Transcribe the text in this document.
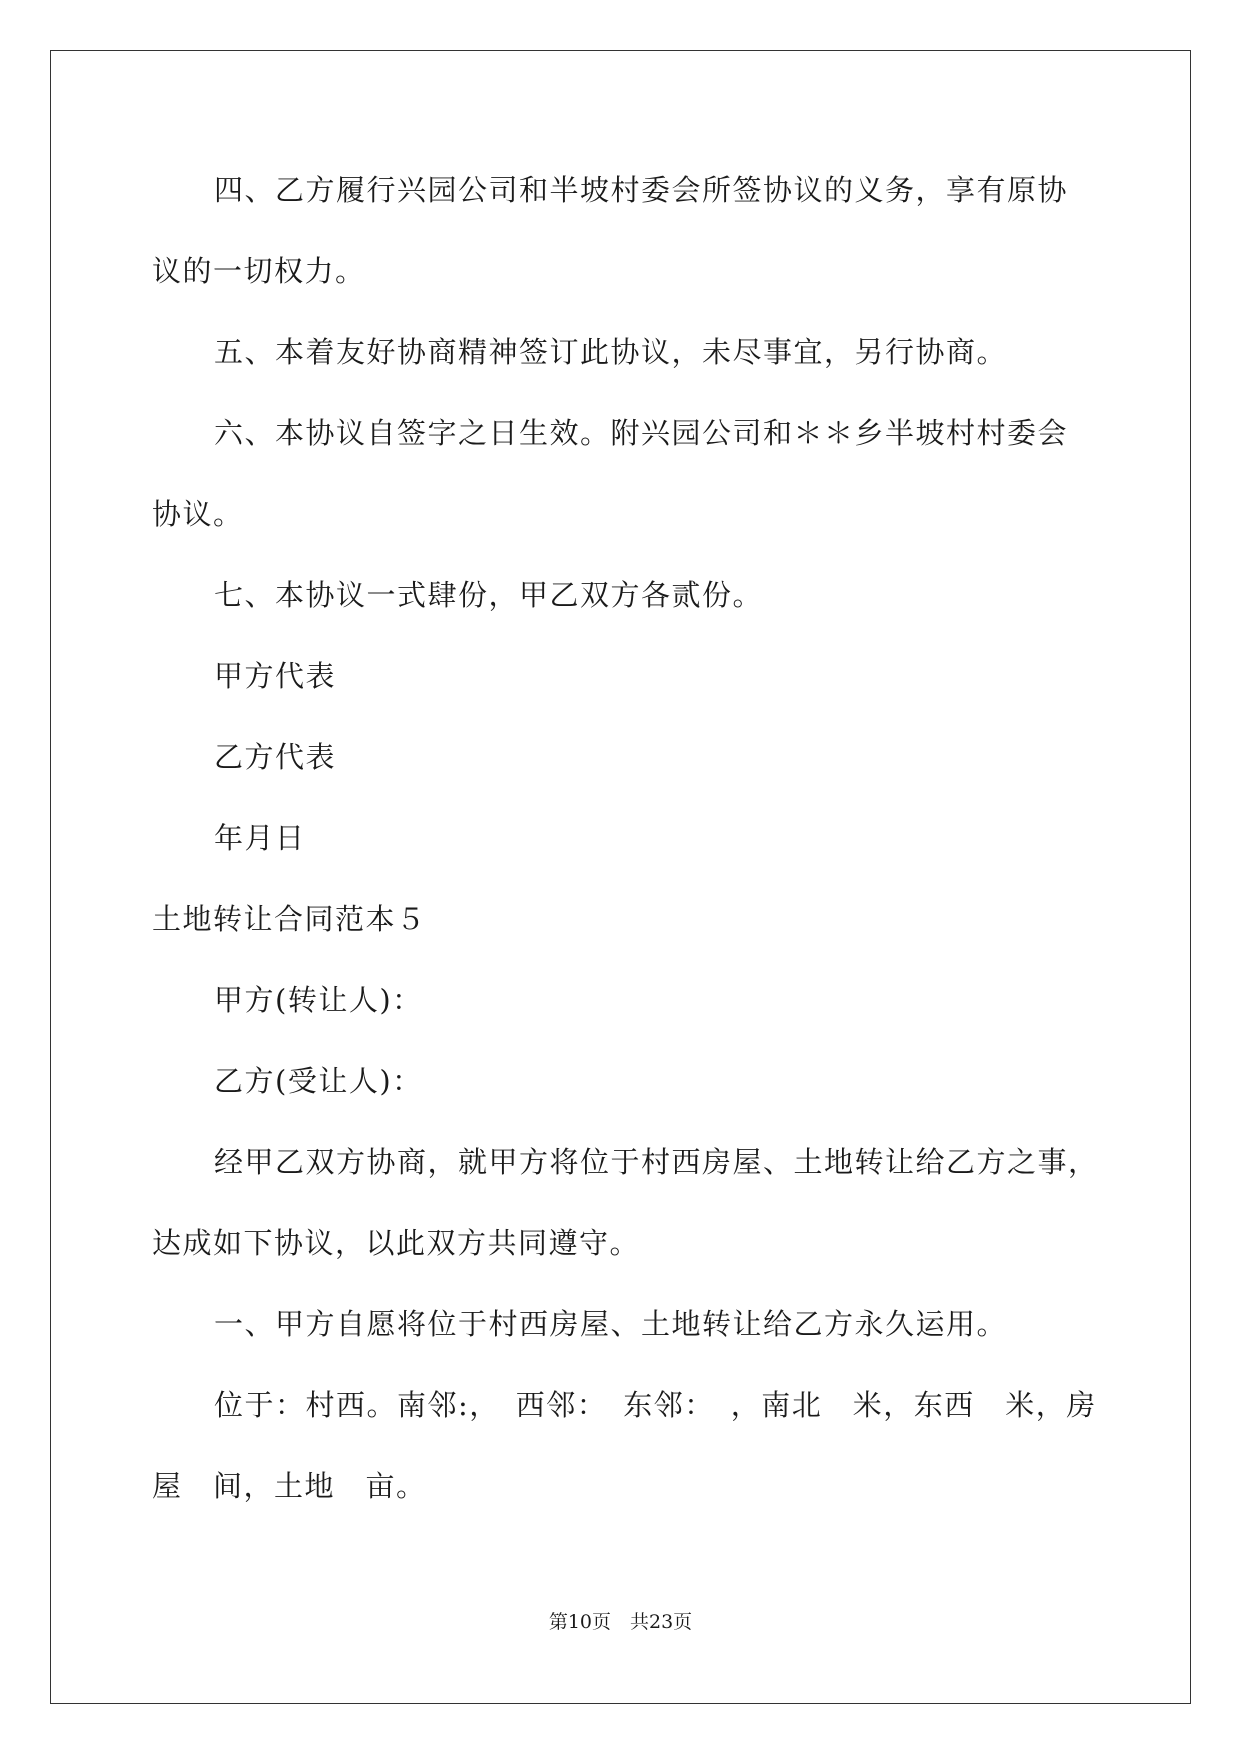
四、乙方履行兴园公司和半坡村委会所签协议的义务，享有原协
议的一切权力。
五、本着友好协商精神签订此协议，未尽事宜，另行协商。
六、本协议自签字之日生效。附兴园公司和＊＊乡半坡村村委会
协议。
七、本协议一式肆份，甲乙双方各贰份。
甲方代表
乙方代表
年月日
土地转让合同范本５
甲方(转让人)：
乙方(受让人)：
经甲乙双方协商，就甲方将位于村西房屋、土地转让给乙方之事，
达成如下协议，以此双方共同遵守。
一、甲方自愿将位于村西房屋、土地转让给乙方永久运用。
位于：村西。南邻:，　西邻：　东邻：　，南北　米，东西　米，房
屋　间，土地　亩。
第10页　共23页
